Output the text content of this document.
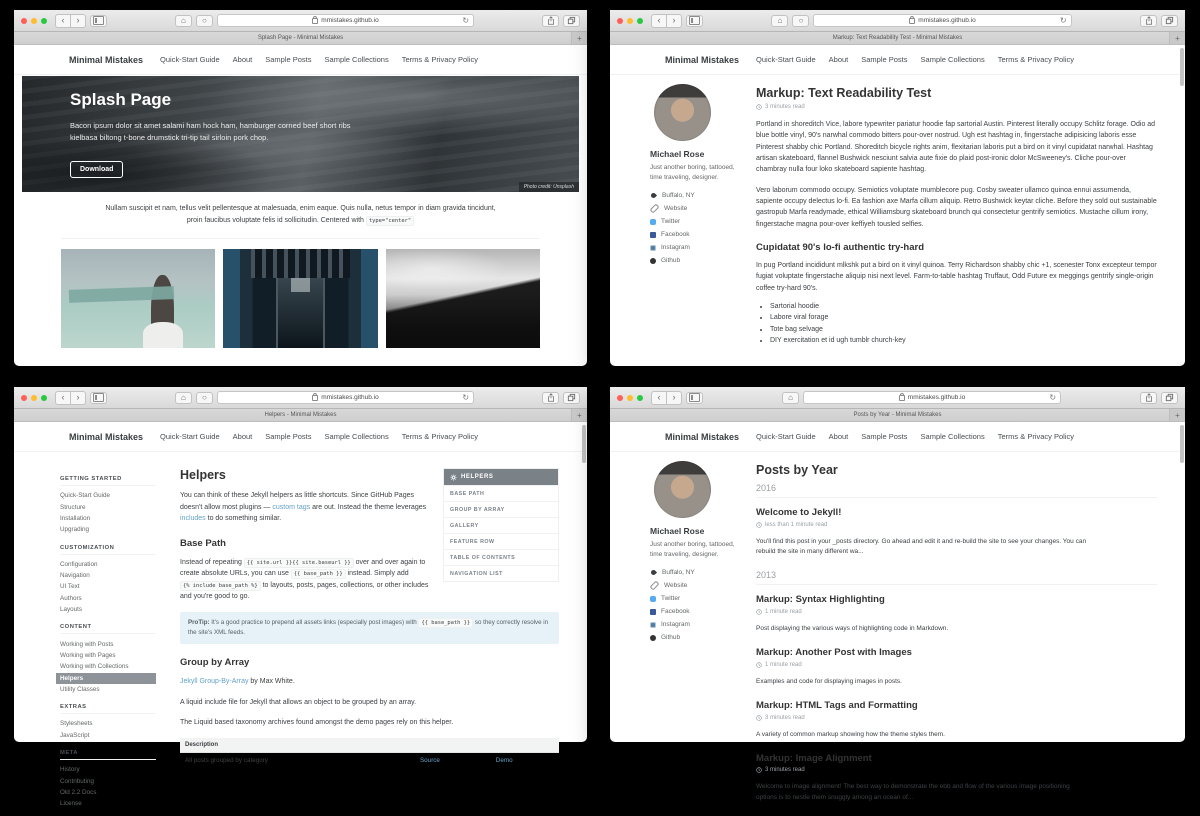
‹	›	⌂ ○	mmistakes.github.io	↻
Splash Page - Minimal Mistakes	+
Minimal Mistakes Quick-Start Guide About Sample Posts Sample Collections Terms & Privacy Policy
Splash Page
Bacon ipsum dolor sit amet salami ham hock ham, hamburger corned beef short ribs kielbasa biltong t-bone drumstick tri-tip tail sirloin pork chop.
Download
Photo credit: Unsplash
Nullam suscipit et nam, tellus velit pellentesque at malesuada, enim eaque. Quis nulla, netus tempor in diam gravida tincidunt, proin faucibus voluptate felis id sollicitudin. Centered with type="center"
‹	›	⌂ ○	mmistakes.github.io	↻
Markup: Text Readability Test - Minimal Mistakes	+
Minimal Mistakes Quick-Start Guide About Sample Posts Sample Collections Terms & Privacy Policy
Michael Rose
Just another boring, tattooed, time traveling, designer.
Buffalo, NY
Website
Twitter
Facebook
Instagram
Github
Markup: Text Readability Test
3 minutes read

Portland in shoreditch Vice, labore typewriter pariatur hoodie fap sartorial Austin. Pinterest literally occupy Schlitz forage. Odio ad blue bottle vinyl, 90's narwhal commodo bitters pour-over nostrud. Ugh est hashtag in, fingerstache adipisicing laboris esse Pinterest shabby chic Portland. Shoreditch bicycle rights anim, flexitarian laboris put a bird on it vinyl cupidatat narwhal. Hashtag artisan skateboard, flannel Bushwick nesciunt salvia aute fixie do plaid post-ironic dolor McSweeney's. Cliche pour-over chambray nulla four loko skateboard sapiente hashtag.

Vero laborum commodo occupy. Semiotics voluptate mumblecore pug. Cosby sweater ullamco quinoa ennui assumenda, sapiente occupy delectus lo-fi. Ea fashion axe Marfa cillum aliquip. Retro Bushwick keytar cliche. Before they sold out sustainable gastropub Marfa readymade, ethical Williamsburg skateboard brunch qui consectetur gentrify semiotics. Mustache cillum irony, fingerstache magna pour-over keffiyeh tousled selfies.

Cupidatat 90's lo-fi authentic try-hard

In pug Portland incididunt mlkshk put a bird on it vinyl quinoa. Terry Richardson shabby chic +1, scenester Tonx excepteur tempor fugiat voluptate fingerstache aliquip nisi next level. Farm-to-table hashtag Truffaut, Odd Future ex meggings gentrify single-origin coffee try-hard 90's.

• Sartorial hoodie
• Labore viral forage
• Tote bag selvage
• DIY exercitation et id ugh tumblr church-key
‹	›	⌂ ○	mmistakes.github.io	↻
Helpers - Minimal Mistakes	+
Minimal Mistakes Quick-Start Guide About Sample Posts Sample Collections Terms & Privacy Policy
GETTING STARTED
Quick-Start Guide
Structure
Installation
Upgrading
CUSTOMIZATION
Configuration
Navigation
UI Text
Authors
Layouts
CONTENT
Working with Posts
Working with Pages
Working with Collections
Helpers
Utility Classes
EXTRAS
Stylesheets
JavaScript
META
History
Contributing
Old 2.2 Docs
License
HELPERS
BASE PATH
GROUP BY ARRAY
GALLERY
FEATURE ROW
TABLE OF CONTENTS
NAVIGATION LIST
Helpers

You can think of these Jekyll helpers as little shortcuts. Since GitHub Pages doesn't allow most plugins — custom tags are out. Instead the theme leverages includes to do something similar.

Base Path

Instead of repeating {{ site.url }}{{ site.baseurl }} over and over again to create absolute URLs, you can use {{ base_path }} instead. Simply add {% include base_path %} to layouts, posts, pages, collections, or other includes and you're good to go.

ProTip: It's a good practice to prepend all assets links (especially post images) with {{ base_path }} so they correctly resolve in the site's XML feeds.
Group by Array

Jekyll Group-By-Array by Max White.

A liquid include file for Jekyll that allows an object to be grouped by an array.

The Liquid based taxonomy archives found amongst the demo pages rely on this helper.

Description		
All posts grouped by category	Source	Demo
‹	›	⌂	mmistakes.github.io	↻
Posts by Year - Minimal Mistakes	+
Minimal Mistakes Quick-Start Guide About Sample Posts Sample Collections Terms & Privacy Policy
Michael Rose
Just another boring, tattooed, time traveling, designer.
Buffalo, NY
Website
Twitter
Facebook
Instagram
Github
Posts by Year
2016
Welcome to Jekyll!
less than 1 minute read
You'll find this post in your _posts directory. Go ahead and edit it and re-build the site to see your changes. You can rebuild the site in many different wa...
2013
Markup: Syntax Highlighting
1 minute read
Post displaying the various ways of highlighting code in Markdown.
Markup: Another Post with Images
1 minute read
Examples and code for displaying images in posts.
Markup: HTML Tags and Formatting
3 minutes read
A variety of common markup showing how the theme styles them.
Markup: Image Alignment
3 minutes read
Welcome to image alignment! The best way to demonstrate the ebb and flow of the various image positioning options is to nestle them snuggly among an ocean of...
